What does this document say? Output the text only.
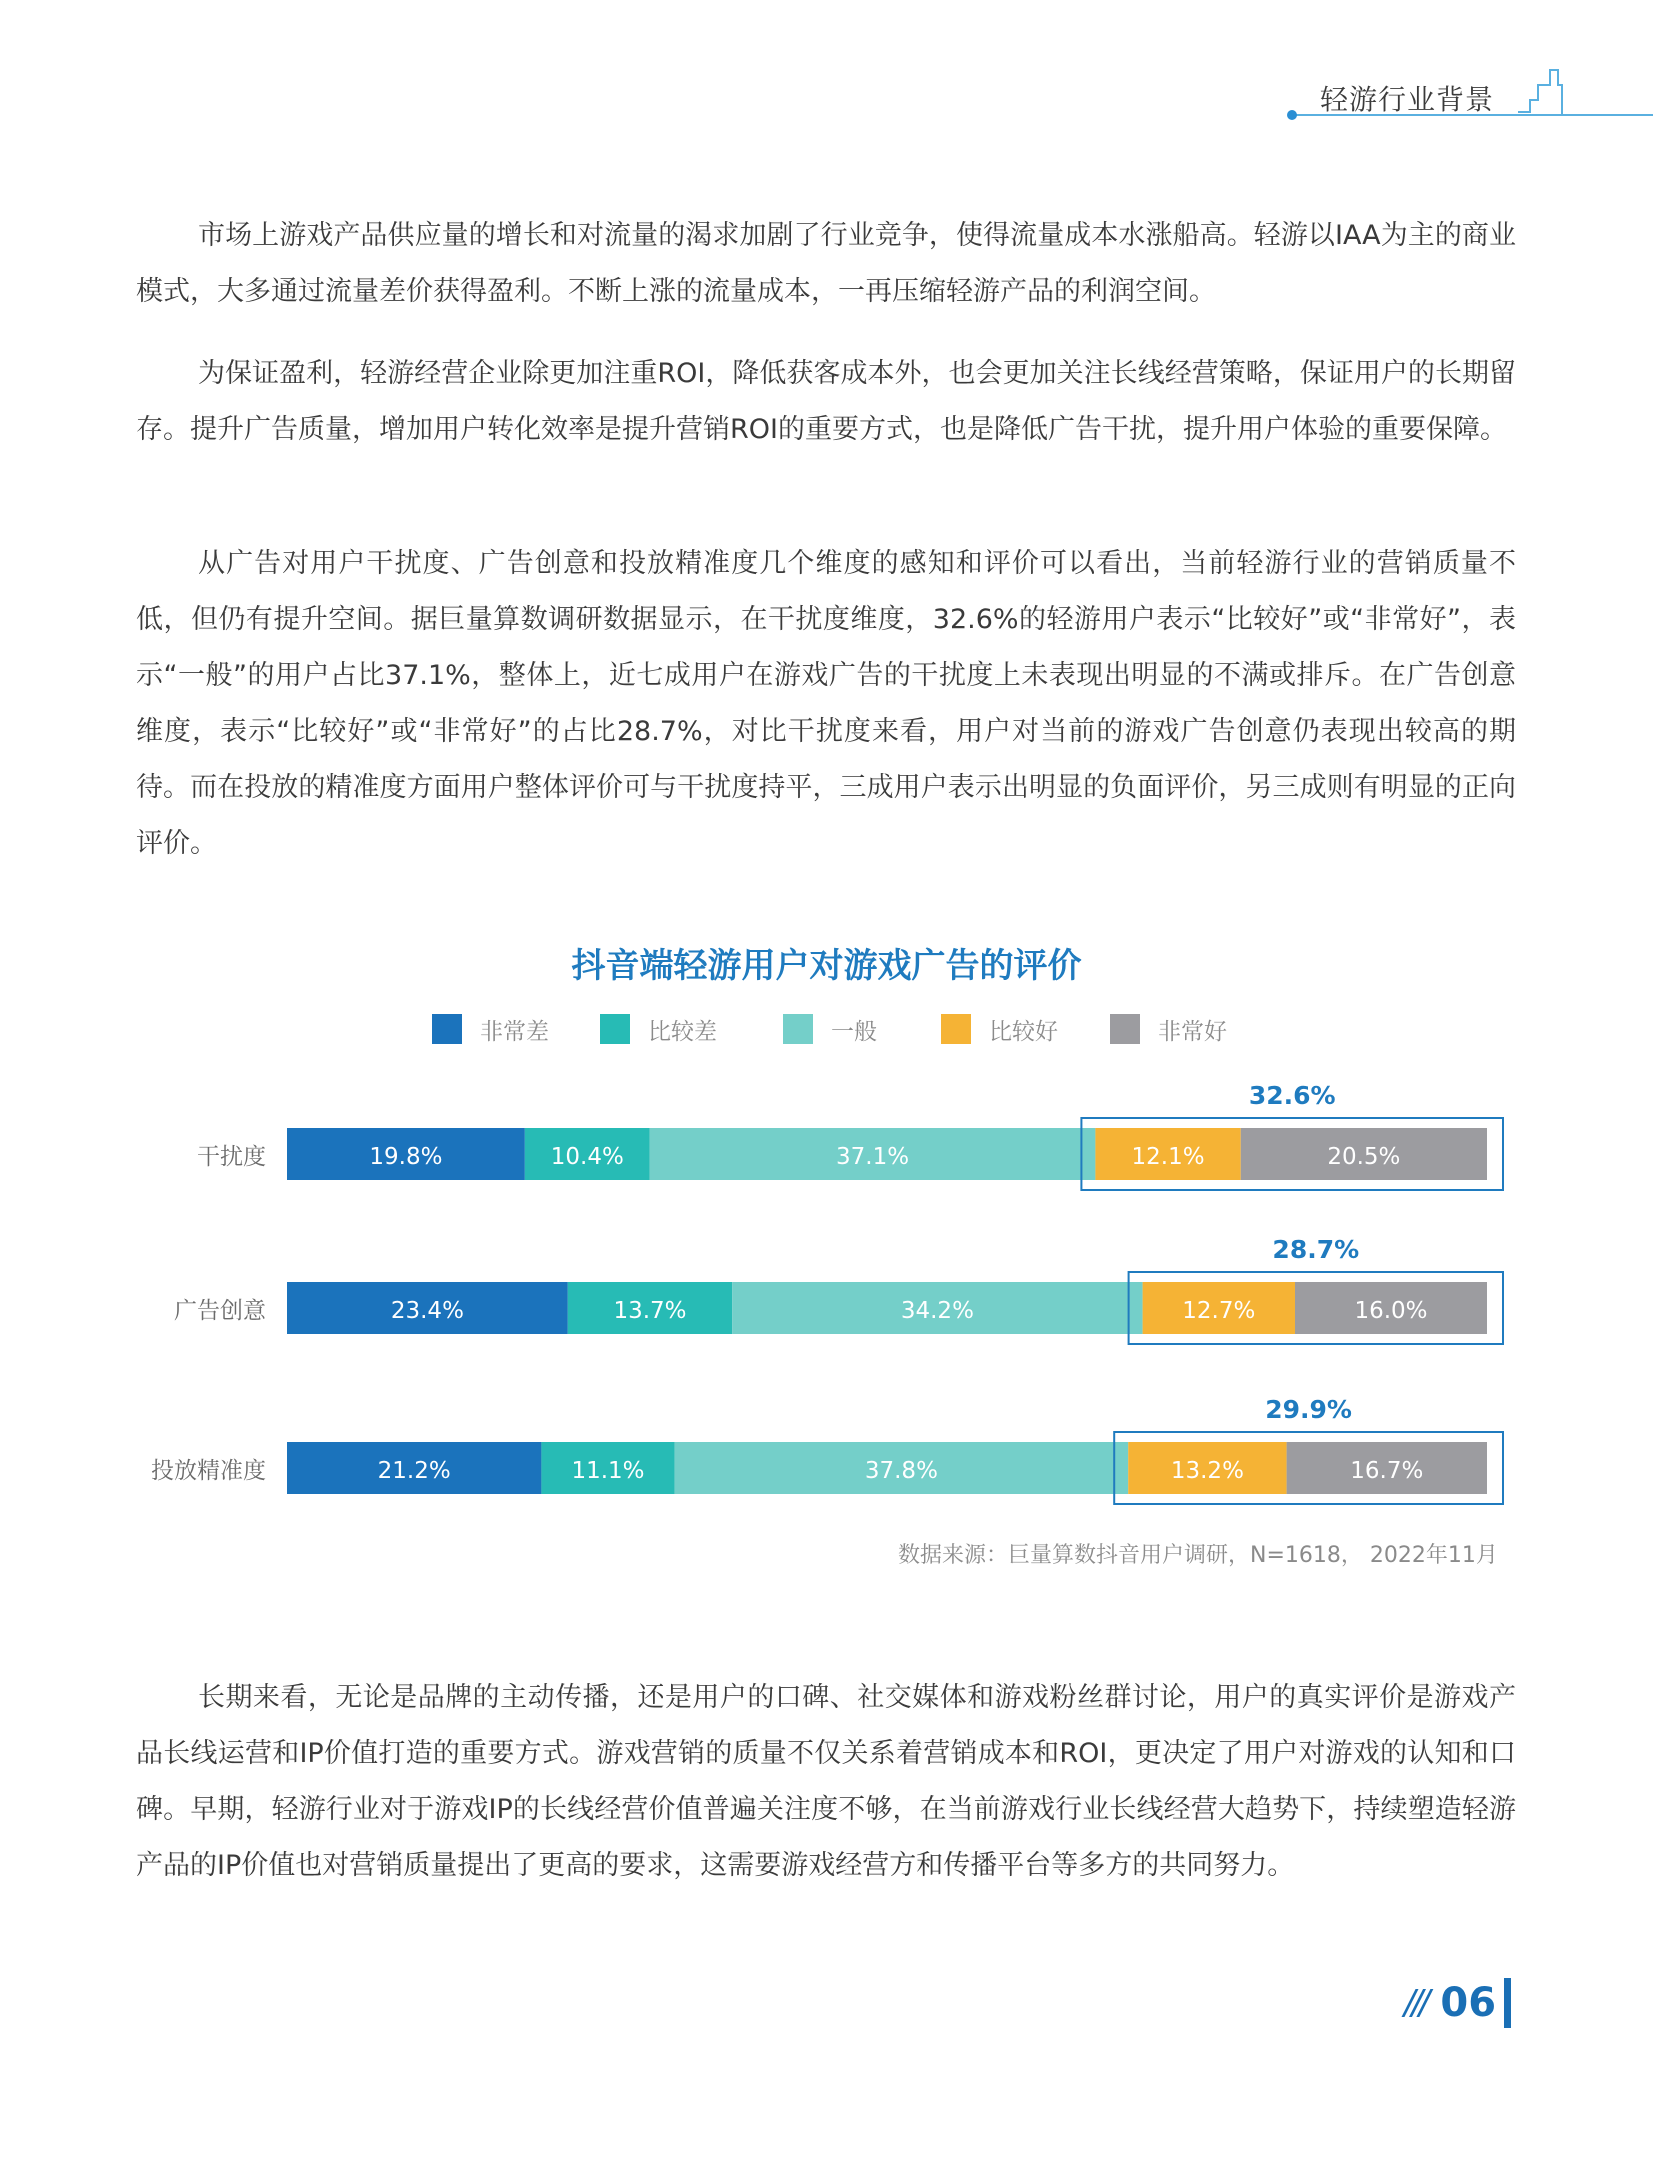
轻游行业背景

市场上游戏产品供应量的增长和对流量的渴求加剧了行业竞争，使得流量成本水涨船高。轻游以IAA为主的商业模式，大多通过流量差价获得盈利。不断上涨的流量成本，一再压缩轻游产品的利润空间。

为保证盈利，轻游经营企业除更加注重ROI，降低获客成本外，也会更加关注长线经营策略，保证用户的长期留存。提升广告质量，增加用户转化效率是提升营销ROI的重要方式，也是降低广告干扰，提升用户体验的重要保障。

从广告对用户干扰度、广告创意和投放精准度几个维度的感知和评价可以看出，当前轻游行业的营销质量不低，但仍有提升空间。据巨量算数调研数据显示，在干扰度维度，32.6%的轻游用户表示“比较好”或“非常好”，表示“一般”的用户占比37.1%，整体上，近七成用户在游戏广告的干扰度上未表现出明显的不满或排斥。在广告创意维度，表示“比较好”或“非常好”的占比28.7%，对比干扰度来看，用户对当前的游戏广告创意仍表现出较高的期待。而在投放的精准度方面用户整体评价可与干扰度持平，三成用户表示出明显的负面评价，另三成则有明显的正向评价。

抖音端轻游用户对游戏广告的评价
非常差	比较差	一般	比较好	非常好
干扰度	19.8%	10.4%	37.1%	12.1%	20.5%
32.6%
广告创意	23.4%	13.7%	34.2%	12.7%	16.0%
28.7%
投放精准度	21.2%	11.1%	37.8%	13.2%	16.7%
29.9%
数据来源：巨量算数抖音用户调研，N=1618， 2022年11月

长期来看，无论是品牌的主动传播，还是用户的口碑、社交媒体和游戏粉丝群讨论，用户的真实评价是游戏产品长线运营和IP价值打造的重要方式。游戏营销的质量不仅关系着营销成本和ROI，更决定了用户对游戏的认知和口碑。早期，轻游行业对于游戏IP的长线经营价值普遍关注度不够，在当前游戏行业长线经营大趋势下，持续塑造轻游产品的IP价值也对营销质量提出了更高的要求，这需要游戏经营方和传播平台等多方的共同努力。

/// 06
